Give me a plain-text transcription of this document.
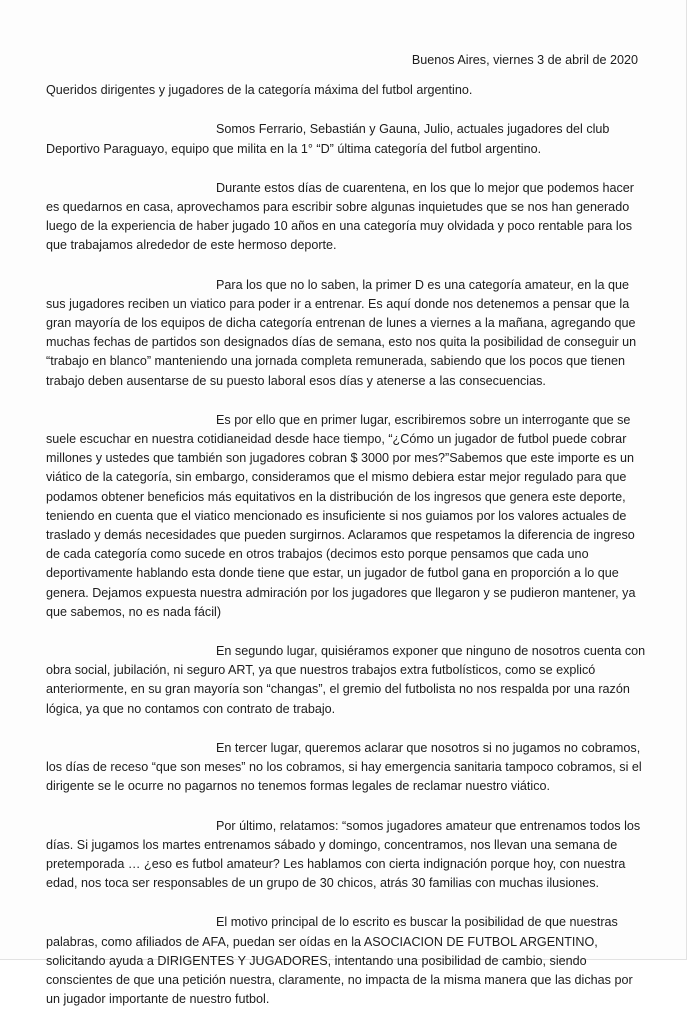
Buenos Aires, viernes 3 de abril de 2020

Queridos dirigentes y jugadores de la categoría máxima del futbol argentino.

Somos Ferrario, Sebastián y Gauna, Julio, actuales jugadores del club Deportivo Paraguayo, equipo que milita en la 1° “D” última categoría del futbol argentino.

Durante estos días de cuarentena, en los que lo mejor que podemos hacer es quedarnos en casa, aprovechamos para escribir sobre algunas inquietudes que se nos han generado luego de la experiencia de haber jugado 10 años en una categoría muy olvidada y poco rentable para los que trabajamos alrededor de este hermoso deporte.

Para los que no lo saben, la primer D es una categoría amateur, en la que sus jugadores reciben un viatico para poder ir a entrenar. Es aquí donde nos detenemos a pensar que la gran mayoría de los equipos de dicha categoría entrenan de lunes a viernes a la mañana, agregando que muchas fechas de partidos son designados días de semana, esto nos quita la posibilidad de conseguir un “trabajo en blanco” manteniendo una jornada completa remunerada, sabiendo que los pocos que tienen trabajo deben ausentarse de su puesto laboral esos días y atenerse a las consecuencias.

Es por ello que en primer lugar, escribiremos sobre un interrogante que se suele escuchar en nuestra cotidianeidad desde hace tiempo, “¿Cómo un jugador de futbol puede cobrar millones y ustedes que también son jugadores cobran $ 3000 por mes?”Sabemos que este importe es un viático de la categoría, sin embargo, consideramos que el mismo debiera estar mejor regulado para que podamos obtener beneficios más equitativos en la distribución de los ingresos que genera este deporte, teniendo en cuenta que el viatico mencionado es insuficiente si nos guiamos por los valores actuales de traslado y demás necesidades que pueden surgirnos. Aclaramos que respetamos la diferencia de ingreso de cada categoría como sucede en otros trabajos (decimos esto porque pensamos que cada uno deportivamente hablando esta donde tiene que estar, un jugador de futbol gana en proporción a lo que genera. Dejamos expuesta nuestra admiración por los jugadores que llegaron y se pudieron mantener, ya que sabemos, no es nada fácil)

En segundo lugar, quisiéramos exponer que ninguno de nosotros cuenta con obra social, jubilación, ni seguro ART, ya que nuestros trabajos extra futbolísticos, como se explicó anteriormente, en su gran mayoría son “changas”, el gremio del futbolista no nos respalda por una razón lógica, ya que no contamos con contrato de trabajo.

En tercer lugar, queremos aclarar que nosotros si no jugamos no cobramos, los días de receso “que son meses” no los cobramos, si hay emergencia sanitaria tampoco cobramos, si el dirigente se le ocurre no pagarnos no tenemos formas legales de reclamar nuestro viático.

Por último, relatamos: “somos jugadores amateur que entrenamos todos los días. Si jugamos los martes entrenamos sábado y domingo, concentramos, nos llevan una semana de pretemporada … ¿eso es futbol amateur? Les hablamos con cierta indignación porque hoy, con nuestra edad, nos toca ser responsables de un grupo de 30 chicos, atrás 30 familias con muchas ilusiones.

El motivo principal de lo escrito es buscar la posibilidad de que nuestras palabras, como afiliados de AFA, puedan ser oídas en la ASOCIACION DE FUTBOL ARGENTINO, solicitando ayuda a DIRIGENTES Y JUGADORES, intentando una posibilidad de cambio, siendo conscientes de que una petición nuestra, claramente, no impacta de la misma manera que las dichas por un jugador importante de nuestro futbol.
